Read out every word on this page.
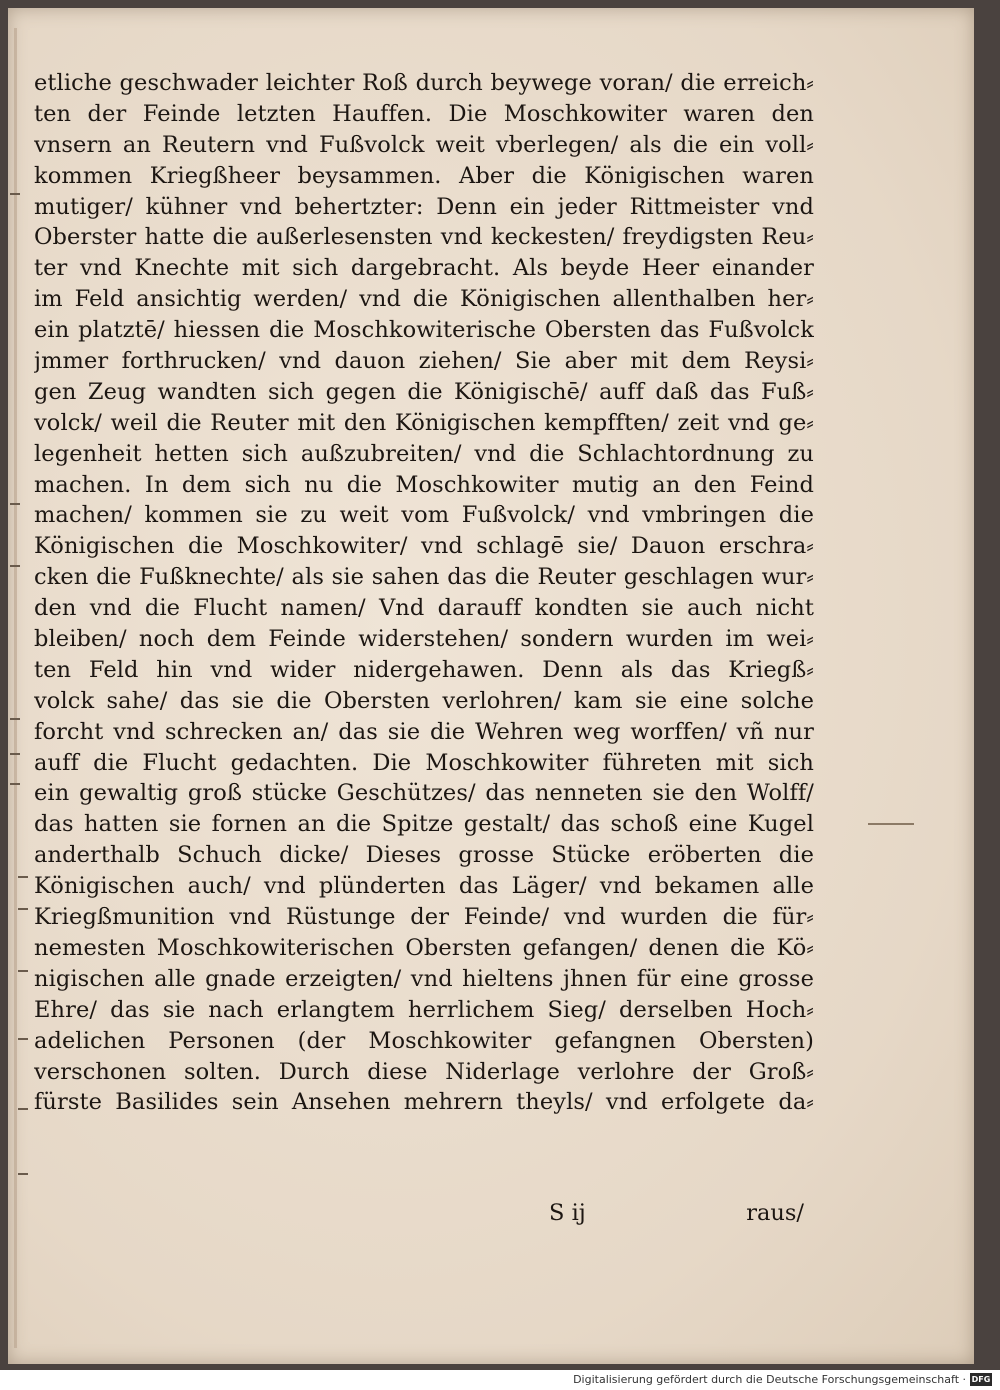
etliche geschwader leichter Roß durch beywege voran/ die erreich⸗
ten der Feinde letzten Hauffen. Die Moschkowiter waren den
vnsern an Reutern vnd Fußvolck weit vberlegen/ als die ein voll⸗
kommen Kriegßheer beysammen. Aber die Königischen waren
mutiger/ kühner vnd behertzter: Denn ein jeder Rittmeister vnd
Oberster hatte die außerlesensten vnd keckesten/ freydigsten Reu⸗
ter vnd Knechte mit sich dargebracht. Als beyde Heer einander
im Feld ansichtig werden/ vnd die Königischen allenthalben her⸗
ein platztē/ hiessen die Moschkowiterische Obersten das Fußvolck
jmmer forthrucken/ vnd dauon ziehen/ Sie aber mit dem Reysi⸗
gen Zeug wandten sich gegen die Königischē/ auff daß das Fuß⸗
volck/ weil die Reuter mit den Königischen kempfften/ zeit vnd ge⸗
legenheit hetten sich außzubreiten/ vnd die Schlachtordnung zu
machen. In dem sich nu die Moschkowiter mutig an den Feind
machen/ kommen sie zu weit vom Fußvolck/ vnd vmbringen die
Königischen die Moschkowiter/ vnd schlagē sie/ Dauon erschra⸗
cken die Fußknechte/ als sie sahen das die Reuter geschlagen wur⸗
den vnd die Flucht namen/ Vnd darauff kondten sie auch nicht
bleiben/ noch dem Feinde widerstehen/ sondern wurden im wei⸗
ten Feld hin vnd wider nidergehawen. Denn als das Kriegß⸗
volck sahe/ das sie die Obersten verlohren/ kam sie eine solche
forcht vnd schrecken an/ das sie die Wehren weg worffen/ vñ nur
auff die Flucht gedachten. Die Moschkowiter führeten mit sich
ein gewaltig groß stücke Geschützes/ das nenneten sie den Wolff/
das hatten sie fornen an die Spitze gestalt/ das schoß eine Kugel
anderthalb Schuch dicke/ Dieses grosse Stücke eröberten die
Königischen auch/ vnd plünderten das Läger/ vnd bekamen alle
Kriegßmunition vnd Rüstunge der Feinde/ vnd wurden die für⸗
nemesten Moschkowiterischen Obersten gefangen/ denen die Kö⸗
nigischen alle gnade erzeigten/ vnd hieltens jhnen für eine grosse
Ehre/ das sie nach erlangtem herrlichem Sieg/ derselben Hoch⸗
adelichen Personen (der Moschkowiter gefangnen Obersten)
verschonen solten. Durch diese Niderlage verlohre der Groß⸗
fürste Basilides sein Ansehen mehrern theyls/ vnd erfolgete da⸗
S ij	raus/
Digitalisierung gefördert durch die Deutsche Forschungsgemeinschaft · DFG
